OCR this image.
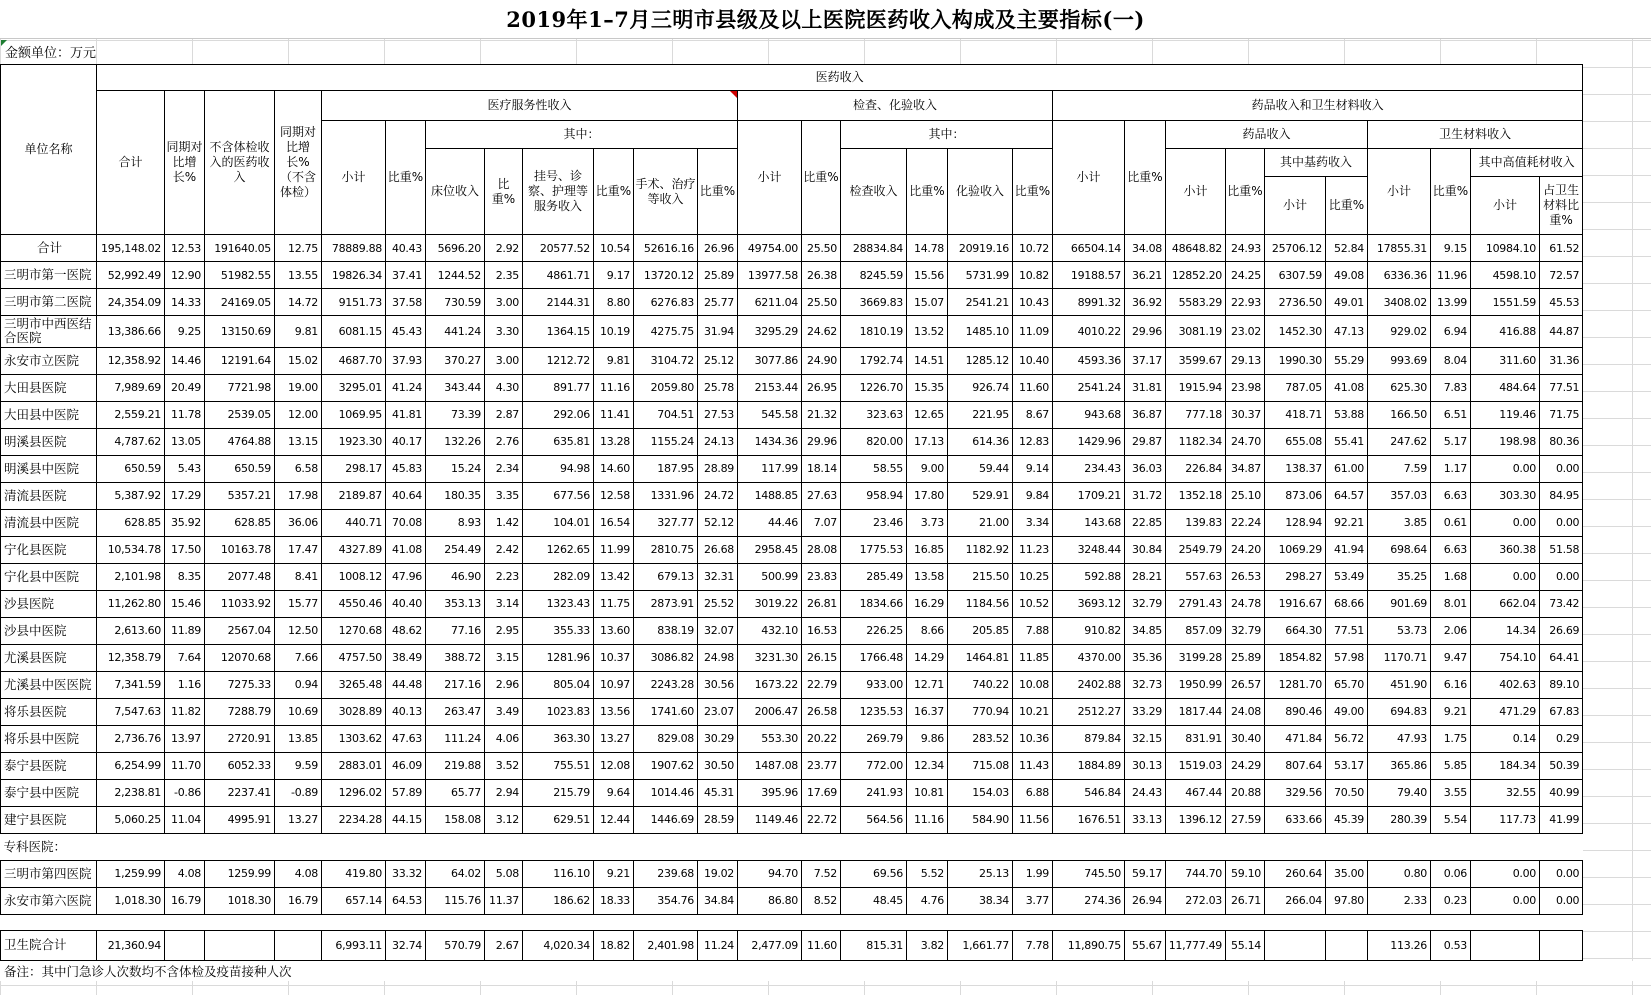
2019年1–7月三明市县级及以上医院医药收入构成及主要指标(一)
金额单位：万元
单位名称	医药收入																											
	合计	同期对比增长%	不含体检收入的医药收入	同期对比增长%（不含体检）	医疗服务性收入								检查、化验收入						药品收入和卫生材料收入									
					小计	比重%	其中：						小计	比重%	其中：				小计	比重%	药品收入				卫生材料收入			
							床位收入	比重%	挂号、诊察、护理等服务收入	比重%	手术、治疗等收入	比重%			检查收入	比重%	化验收入	比重%			小计	比重%	其中基药收入		小计	比重%	其中高值耗材收入	
																							小计	比重%			小计	占卫生材料比重%
合计	195,148.02	12.53	191640.05	12.75	78889.88	40.43	5696.20	2.92	20577.52	10.54	52616.16	26.96	49754.00	25.50	28834.84	14.78	20919.16	10.72	66504.14	34.08	48648.82	24.93	25706.12	52.84	17855.31	9.15	10984.10	61.52
三明市第一医院	52,992.49	12.90	51982.55	13.55	19826.34	37.41	1244.52	2.35	4861.71	9.17	13720.12	25.89	13977.58	26.38	8245.59	15.56	5731.99	10.82	19188.57	36.21	12852.20	24.25	6307.59	49.08	6336.36	11.96	4598.10	72.57
三明市第二医院	24,354.09	14.33	24169.05	14.72	9151.73	37.58	730.59	3.00	2144.31	8.80	6276.83	25.77	6211.04	25.50	3669.83	15.07	2541.21	10.43	8991.32	36.92	5583.29	22.93	2736.50	49.01	3408.02	13.99	1551.59	45.53
三明市中西医结合医院	13,386.66	9.25	13150.69	9.81	6081.15	45.43	441.24	3.30	1364.15	10.19	4275.75	31.94	3295.29	24.62	1810.19	13.52	1485.10	11.09	4010.22	29.96	3081.19	23.02	1452.30	47.13	929.02	6.94	416.88	44.87
永安市立医院	12,358.92	14.46	12191.64	15.02	4687.70	37.93	370.27	3.00	1212.72	9.81	3104.72	25.12	3077.86	24.90	1792.74	14.51	1285.12	10.40	4593.36	37.17	3599.67	29.13	1990.30	55.29	993.69	8.04	311.60	31.36
大田县医院	7,989.69	20.49	7721.98	19.00	3295.01	41.24	343.44	4.30	891.77	11.16	2059.80	25.78	2153.44	26.95	1226.70	15.35	926.74	11.60	2541.24	31.81	1915.94	23.98	787.05	41.08	625.30	7.83	484.64	77.51
大田县中医院	2,559.21	11.78	2539.05	12.00	1069.95	41.81	73.39	2.87	292.06	11.41	704.51	27.53	545.58	21.32	323.63	12.65	221.95	8.67	943.68	36.87	777.18	30.37	418.71	53.88	166.50	6.51	119.46	71.75
明溪县医院	4,787.62	13.05	4764.88	13.15	1923.30	40.17	132.26	2.76	635.81	13.28	1155.24	24.13	1434.36	29.96	820.00	17.13	614.36	12.83	1429.96	29.87	1182.34	24.70	655.08	55.41	247.62	5.17	198.98	80.36
明溪县中医院	650.59	5.43	650.59	6.58	298.17	45.83	15.24	2.34	94.98	14.60	187.95	28.89	117.99	18.14	58.55	9.00	59.44	9.14	234.43	36.03	226.84	34.87	138.37	61.00	7.59	1.17	0.00	0.00
清流县医院	5,387.92	17.29	5357.21	17.98	2189.87	40.64	180.35	3.35	677.56	12.58	1331.96	24.72	1488.85	27.63	958.94	17.80	529.91	9.84	1709.21	31.72	1352.18	25.10	873.06	64.57	357.03	6.63	303.30	84.95
清流县中医院	628.85	35.92	628.85	36.06	440.71	70.08	8.93	1.42	104.01	16.54	327.77	52.12	44.46	7.07	23.46	3.73	21.00	3.34	143.68	22.85	139.83	22.24	128.94	92.21	3.85	0.61	0.00	0.00
宁化县医院	10,534.78	17.50	10163.78	17.47	4327.89	41.08	254.49	2.42	1262.65	11.99	2810.75	26.68	2958.45	28.08	1775.53	16.85	1182.92	11.23	3248.44	30.84	2549.79	24.20	1069.29	41.94	698.64	6.63	360.38	51.58
宁化县中医院	2,101.98	8.35	2077.48	8.41	1008.12	47.96	46.90	2.23	282.09	13.42	679.13	32.31	500.99	23.83	285.49	13.58	215.50	10.25	592.88	28.21	557.63	26.53	298.27	53.49	35.25	1.68	0.00	0.00
沙县医院	11,262.80	15.46	11033.92	15.77	4550.46	40.40	353.13	3.14	1323.43	11.75	2873.91	25.52	3019.22	26.81	1834.66	16.29	1184.56	10.52	3693.12	32.79	2791.43	24.78	1916.67	68.66	901.69	8.01	662.04	73.42
沙县中医院	2,613.60	11.89	2567.04	12.50	1270.68	48.62	77.16	2.95	355.33	13.60	838.19	32.07	432.10	16.53	226.25	8.66	205.85	7.88	910.82	34.85	857.09	32.79	664.30	77.51	53.73	2.06	14.34	26.69
尤溪县医院	12,358.79	7.64	12070.68	7.66	4757.50	38.49	388.72	3.15	1281.96	10.37	3086.82	24.98	3231.30	26.15	1766.48	14.29	1464.81	11.85	4370.00	35.36	3199.28	25.89	1854.82	57.98	1170.71	9.47	754.10	64.41
尤溪县中医医院	7,341.59	1.16	7275.33	0.94	3265.48	44.48	217.16	2.96	805.04	10.97	2243.28	30.56	1673.22	22.79	933.00	12.71	740.22	10.08	2402.88	32.73	1950.99	26.57	1281.70	65.70	451.90	6.16	402.63	89.10
将乐县医院	7,547.63	11.82	7288.79	10.69	3028.89	40.13	263.47	3.49	1023.83	13.56	1741.60	23.07	2006.47	26.58	1235.53	16.37	770.94	10.21	2512.27	33.29	1817.44	24.08	890.46	49.00	694.83	9.21	471.29	67.83
将乐县中医院	2,736.76	13.97	2720.91	13.85	1303.62	47.63	111.24	4.06	363.30	13.27	829.08	30.29	553.30	20.22	269.79	9.86	283.52	10.36	879.84	32.15	831.91	30.40	471.84	56.72	47.93	1.75	0.14	0.29
泰宁县医院	6,254.99	11.70	6052.33	9.59	2883.01	46.09	219.88	3.52	755.51	12.08	1907.62	30.50	1487.08	23.77	772.00	12.34	715.08	11.43	1884.89	30.13	1519.03	24.29	807.64	53.17	365.86	5.85	184.34	50.39
泰宁县中医院	2,238.81	-0.86	2237.41	-0.89	1296.02	57.89	65.77	2.94	215.79	9.64	1014.46	45.31	395.96	17.69	241.93	10.81	154.03	6.88	546.84	24.43	467.44	20.88	329.56	70.50	79.40	3.55	32.55	40.99
建宁县医院	5,060.25	11.04	4995.91	13.27	2234.28	44.15	158.08	3.12	629.51	12.44	1446.69	28.59	1149.46	22.72	564.56	11.16	584.90	11.56	1676.51	33.13	1396.12	27.59	633.66	45.39	280.39	5.54	117.73	41.99
专科医院：																												
三明市第四医院	1,259.99	4.08	1259.99	4.08	419.80	33.32	64.02	5.08	116.10	9.21	239.68	19.02	94.70	7.52	69.56	5.52	25.13	1.99	745.50	59.17	744.70	59.10	260.64	35.00	0.80	0.06	0.00	0.00
永安市第六医院	1,018.30	16.79	1018.30	16.79	657.14	64.53	115.76	11.37	186.62	18.33	354.76	34.84	86.80	8.52	48.45	4.76	38.34	3.77	274.36	26.94	272.03	26.71	266.04	97.80	2.33	0.23	0.00	0.00

卫生院合计	21,360.94				6,993.11	32.74	570.79	2.67	4,020.34	18.82	2,401.98	11.24	2,477.09	11.60	815.31	3.82	1,661.77	7.78	11,890.75	55.67	11,777.49	55.14			113.26	0.53		
备注：其中门急诊人次数均不含体检及疫苗接种人次
